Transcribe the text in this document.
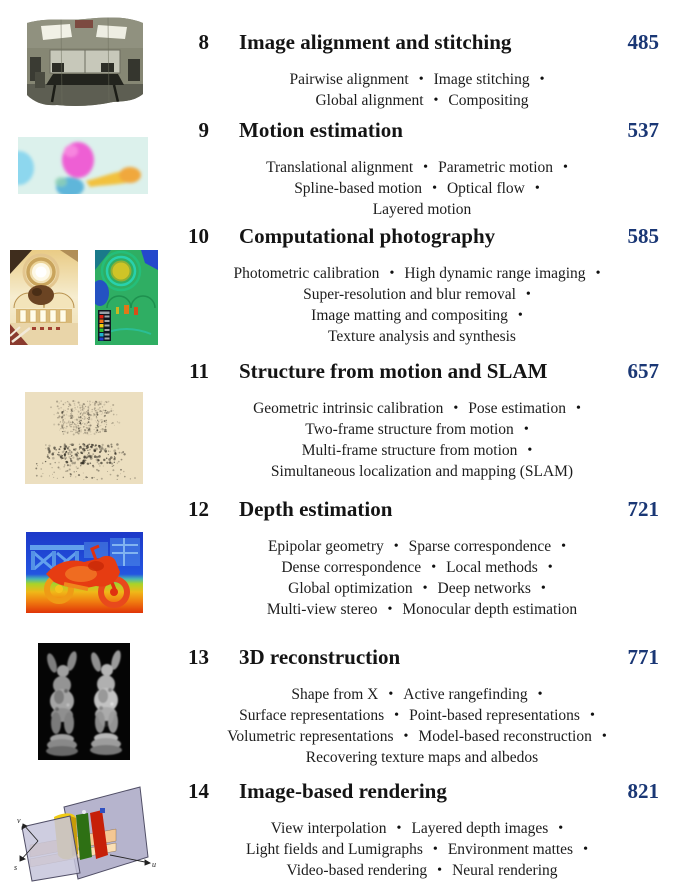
v
s	u
8 Image alignment and stitching	485
Pairwise alignment • Image stitching •
Global alignment • Compositing
9 Motion estimation	537
Translational alignment • Parametric motion •
Spline-based motion • Optical flow •
Layered motion
10 Computational photography	585
Photometric calibration • High dynamic range imaging •
Super-resolution and blur removal •
Image matting and compositing •
Texture analysis and synthesis
11 Structure from motion and SLAM	657
Geometric intrinsic calibration • Pose estimation •
Two-frame structure from motion •
Multi-frame structure from motion •
Simultaneous localization and mapping (SLAM)
12 Depth estimation	721
Epipolar geometry • Sparse correspondence •
Dense correspondence • Local methods •
Global optimization • Deep networks •
Multi-view stereo • Monocular depth estimation
13 3D reconstruction	771
Shape from X • Active rangefinding •
Surface representations • Point-based representations •
Volumetric representations • Model-based reconstruction •
Recovering texture maps and albedos
14 Image-based rendering	821
View interpolation • Layered depth images •
Light fields and Lumigraphs • Environment mattes •
Video-based rendering • Neural rendering
